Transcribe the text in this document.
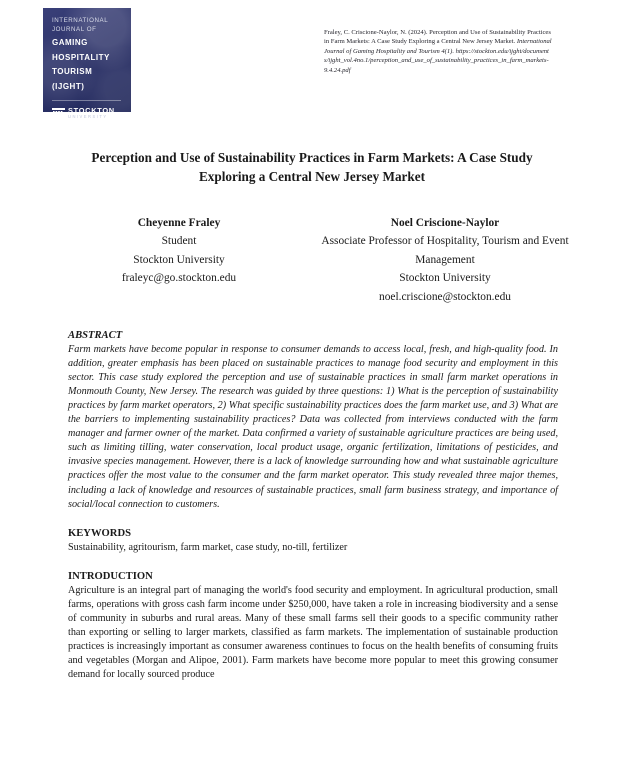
INTERNATIONAL
JOURNAL OF
GAMING
HOSPITALITY
TOURISM
(IJGHT)
STOCKTON
UNIVERSITY
Fraley, C. Criscione-Naylor, N. (2024). Perception and Use of Sustainability Practices in Farm Markets: A Case Study Exploring a Central New Jersey Market. International Journal of Gaming Hospitality and Tourism 4(1). https://stockton.edu/ijght/documents/ijght_vol.4no.1/perception_and_use_of_sustainability_practices_in_farm_markets-9.4.24.pdf
Perception and Use of Sustainability Practices in Farm Markets: A Case Study Exploring a Central New Jersey Market
Cheyenne Fraley
Student
Stockton University
fraleyc@go.stockton.edu
Noel Criscione-Naylor
Associate Professor of Hospitality, Tourism and Event Management
Stockton University
noel.criscione@stockton.edu
ABSTRACT
Farm markets have become popular in response to consumer demands to access local, fresh, and high-quality food. In addition, greater emphasis has been placed on sustainable practices to manage food security and employment in this sector. This case study explored the perception and use of sustainable practices in small farm market operations in Monmouth County, New Jersey. The research was guided by three questions: 1) What is the perception of sustainability practices by farm market operators, 2) What specific sustainability practices does the farm market use, and 3) What are the barriers to implementing sustainability practices? Data was collected from interviews conducted with the farm manager and farmer owner of the market. Data confirmed a variety of sustainable agriculture practices are being used, such as limiting tilling, water conservation, local product usage, organic fertilization, limitations of pesticides, and invasive species management. However, there is a lack of knowledge surrounding how and what sustainable agriculture practices offer the most value to the consumer and the farm market operator. This study revealed three major themes, including a lack of knowledge and resources of sustainable practices, small farm business strategy, and importance of social/local connection to customers.
KEYWORDS
Sustainability, agritourism, farm market, case study, no-till, fertilizer
INTRODUCTION
Agriculture is an integral part of managing the world's food security and employment. In agricultural production, small farms, operations with gross cash farm income under $250,000, have taken a role in increasing biodiversity and a sense of community in suburbs and rural areas. Many of these small farms sell their goods to a specific community rather than exporting or selling to larger markets, classified as farm markets. The implementation of sustainable production practices is increasingly important as consumer awareness continues to focus on the health benefits of consuming fruits and vegetables (Morgan and Alipoe, 2001). Farm markets have become more popular to meet this growing consumer demand for locally sourced produce
